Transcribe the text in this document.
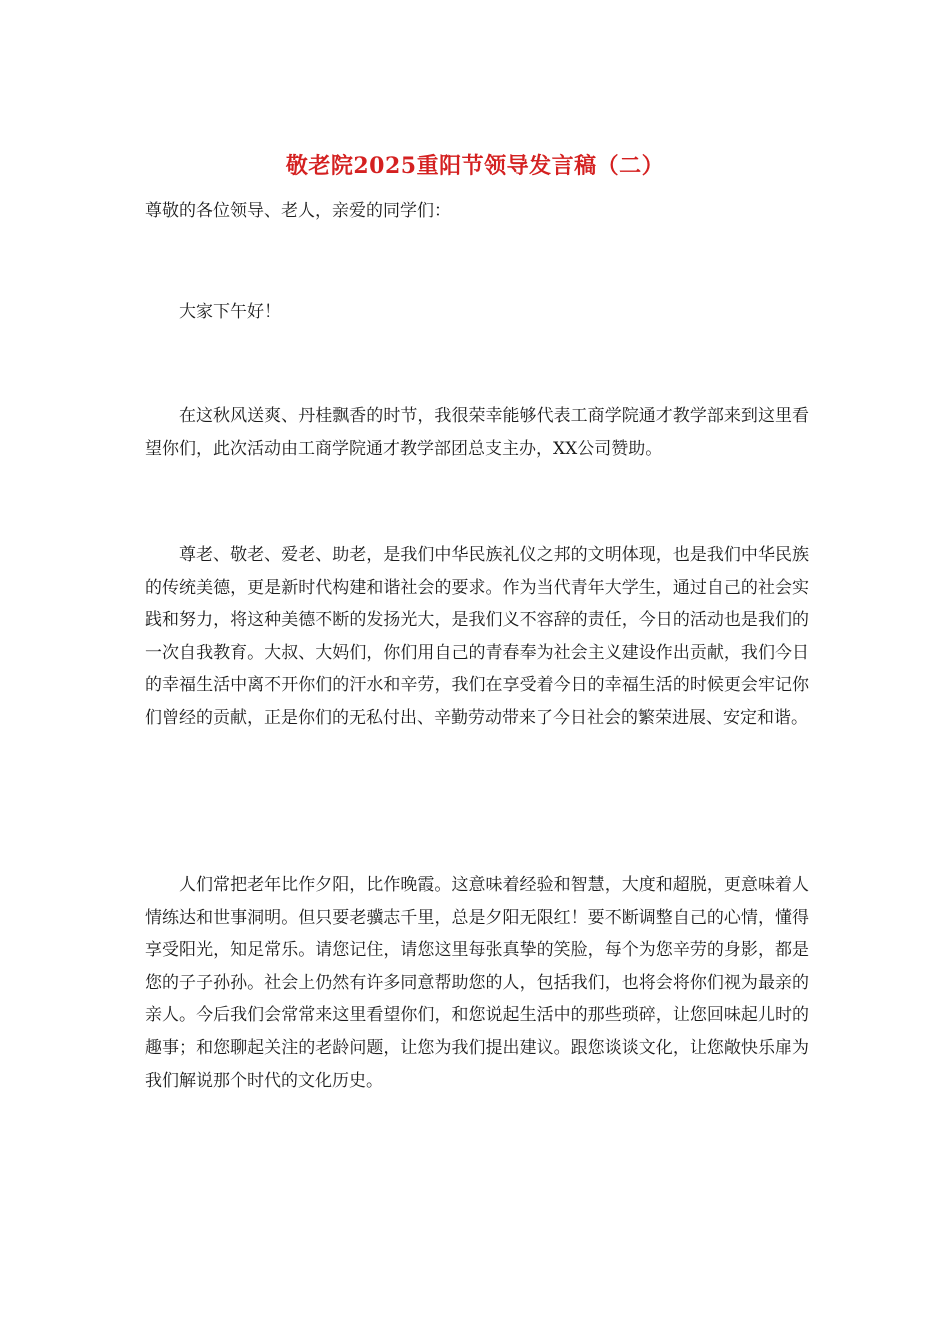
敬老院2025重阳节领导发言稿（二）
尊敬的各位领导、老人，亲爱的同学们：

大家下午好！

在这秋风送爽、丹桂飘香的时节，我很荣幸能够代表工商学院通才教学部来到这里看望你们，此次活动由工商学院通才教学部团总支主办，XX公司赞助。

尊老、敬老、爱老、助老，是我们中华民族礼仪之邦的文明体现，也是我们中华民族的传统美德，更是新时代构建和谐社会的要求。作为当代青年大学生，通过自己的社会实践和努力，将这种美德不断的发扬光大，是我们义不容辞的责任，今日的活动也是我们的一次自我教育。大叔、大妈们，你们用自己的青春奉为社会主义建设作出贡献，我们今日的幸福生活中离不开你们的汗水和辛劳，我们在享受着今日的幸福生活的时候更会牢记你们曾经的贡献，正是你们的无私付出、辛勤劳动带来了今日社会的繁荣进展、安定和谐。

人们常把老年比作夕阳，比作晚霞。这意味着经验和智慧，大度和超脱，更意味着人情练达和世事洞明。但只要老骥志千里，总是夕阳无限红！要不断调整自己的心情，懂得享受阳光，知足常乐。请您记住，请您这里每张真挚的笑脸，每个为您辛劳的身影，都是您的子子孙孙。社会上仍然有许多同意帮助您的人，包括我们，也将会将你们视为最亲的亲人。今后我们会常常来这里看望你们，和您说起生活中的那些琐碎，让您回味起儿时的趣事；和您聊起关注的老龄问题，让您为我们提出建议。跟您谈谈文化，让您敞快乐扉为我们解说那个时代的文化历史。
